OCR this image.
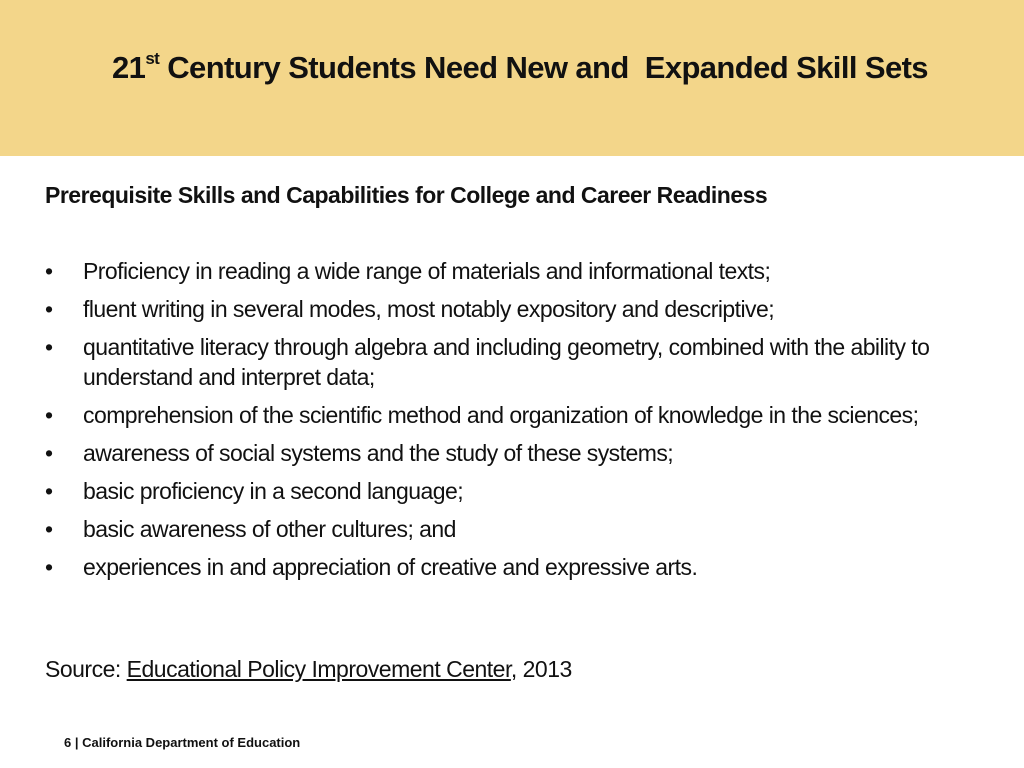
21st Century Students Need New and  Expanded Skill Sets
Prerequisite Skills and Capabilities for College and Career Readiness
•	Proficiency in reading a wide range of materials and informational texts;
•	fluent writing in several modes, most notably expository and descriptive;
•	quantitative literacy through algebra and including geometry, combined with the ability to understand and interpret data;
•	comprehension of the scientific method and organization of knowledge in the sciences;
•	awareness of social systems and the study of these systems;
•	basic proficiency in a second language;
•	basic awareness of other cultures; and
•	experiences in and appreciation of creative and expressive arts.
Source: Educational Policy Improvement Center, 2013
6 | California Department of Education
